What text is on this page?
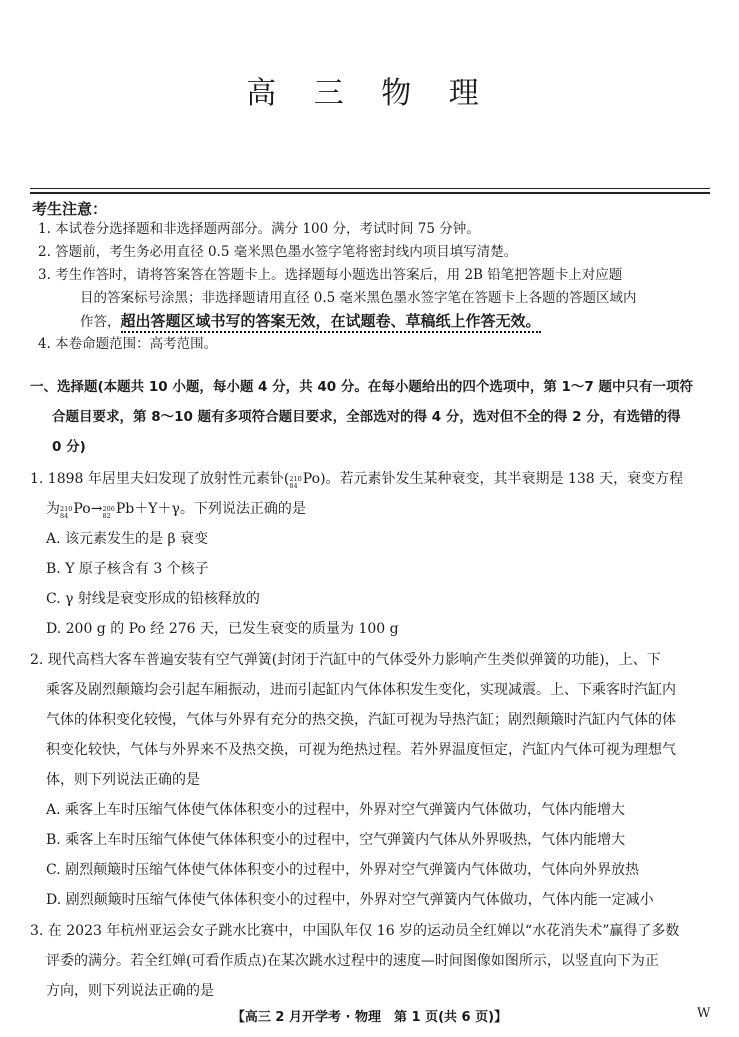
高 三 物 理
考生注意：
1. 本试卷分选择题和非选择题两部分。满分 100 分，考试时间 75 分钟。
2. 答题前，考生务必用直径 0.5 毫米黑色墨水签字笔将密封线内项目填写清楚。
3. 考生作答时，请将答案答在答题卡上。选择题每小题选出答案后，用 2B 铅笔把答题卡上对应题
目的答案标号涂黑；非选择题请用直径 0.5 毫米黑色墨水签字笔在答题卡上各题的答题区域内
作答，超出答题区域书写的答案无效，在试题卷、草稿纸上作答无效。
4. 本卷命题范围：高考范围。
一、选择题(本题共 10 小题，每小题 4 分，共 40 分。在每小题给出的四个选项中，第 1～7 题中只有一项符
合题目要求，第 8～10 题有多项符合题目要求，全部选对的得 4 分，选对但不全的得 2 分，有选错的得
0 分)
1. 1898 年居里夫妇发现了放射性元素钋( 210
84 Po)。若元素钋发生某种衰变，其半衰期是 138 天，衰变方程
为 210
84 Po→ 206
82 Pb＋Y＋γ。下列说法正确的是
A. 该元素发生的是 β 衰变
B. Y 原子核含有 3 个核子
C. γ 射线是衰变形成的铅核释放的
D. 200 g 的 Po 经 276 天，已发生衰变的质量为 100 g
2. 现代高档大客车普遍安装有空气弹簧(封闭于汽缸中的气体受外力影响产生类似弹簧的功能)，上、下
乘客及剧烈颠簸均会引起车厢振动，进而引起缸内气体体积发生变化，实现减震。上、下乘客时汽缸内
气体的体积变化较慢，气体与外界有充分的热交换，汽缸可视为导热汽缸；剧烈颠簸时汽缸内气体的体
积变化较快，气体与外界来不及热交换，可视为绝热过程。若外界温度恒定，汽缸内气体可视为理想气
体，则下列说法正确的是
A. 乘客上车时压缩气体使气体体积变小的过程中，外界对空气弹簧内气体做功，气体内能增大
B. 乘客上车时压缩气体使气体体积变小的过程中，空气弹簧内气体从外界吸热，气体内能增大
C. 剧烈颠簸时压缩气体使气体体积变小的过程中，外界对空气弹簧内气体做功，气体向外界放热
D. 剧烈颠簸时压缩气体使气体体积变小的过程中，外界对空气弹簧内气体做功，气体内能一定减小
3. 在 2023 年杭州亚运会女子跳水比赛中，中国队年仅 16 岁的运动员全红婵以“水花消失术”赢得了多数
评委的满分。若全红婵(可看作质点)在某次跳水过程中的速度—时间图像如图所示，以竖直向下为正
方向，则下列说法正确的是
【高三 2 月开学考 · 物理　第 1 页(共 6 页)】	W
